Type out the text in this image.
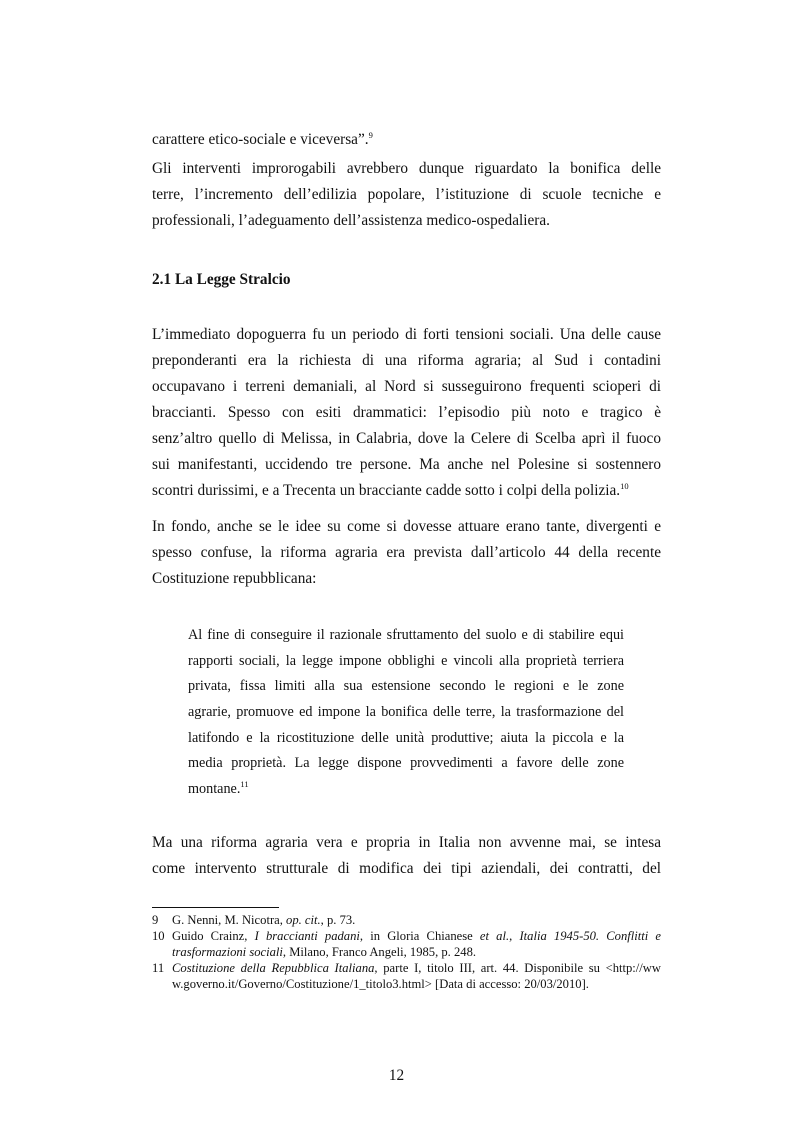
carattere etico-sociale e viceversa”.$^9$
Gli interventi improrogabili avrebbero dunque riguardato la bonifica delle
terre, l’incremento dell’edilizia popolare, l’istituzione di scuole tecniche e
professionali, l’adeguamento dell’assistenza medico-ospedaliera.
2.1 La Legge Stralcio
L’immediato dopoguerra fu un periodo di forti tensioni sociali. Una delle cause
preponderanti era la richiesta di una riforma agraria; al Sud i contadini
occupavano i terreni demaniali, al Nord si susseguirono frequenti scioperi di
braccianti. Spesso con esiti drammatici: l’episodio più noto e tragico è
senz’altro quello di Melissa, in Calabria, dove la Celere di Scelba aprì il fuoco
sui manifestanti, uccidendo tre persone. Ma anche nel Polesine si sostennero
scontri durissimi, e a Trecenta un bracciante cadde sotto i colpi della polizia.$^{10}$
In fondo, anche se le idee su come si dovesse attuare erano tante, divergenti e
spesso confuse, la riforma agraria era prevista dall’articolo 44 della recente
Costituzione repubblicana:
Al fine di conseguire il razionale sfruttamento del suolo e di stabilire equi
rapporti sociali, la legge impone obblighi e vincoli alla proprietà terriera
privata, fissa limiti alla sua estensione secondo le regioni e le zone
agrarie, promuove ed impone la bonifica delle terre, la trasformazione del
latifondo e la ricostituzione delle unità produttive; aiuta la piccola e la
media proprietà. La legge dispone provvedimenti a favore delle zone
montane.$^{11}$
Ma una riforma agraria vera e propria in Italia non avvenne mai, se intesa
come intervento strutturale di modifica dei tipi aziendali, dei contratti, del
9 G. Nenni, M. Nicotra, op. cit., p. 73.
10 Guido Crainz, I braccianti padani, in Gloria Chianese et al., Italia 1945-50. Conflitti e
trasformazioni sociali, Milano, Franco Angeli, 1985, p. 248.
11 Costituzione della Repubblica Italiana, parte I, titolo III, art. 44. Disponibile su <http://ww
w.governo.it/Governo/Costituzione/1_titolo3.html> [Data di accesso: 20/03/2010].
12
